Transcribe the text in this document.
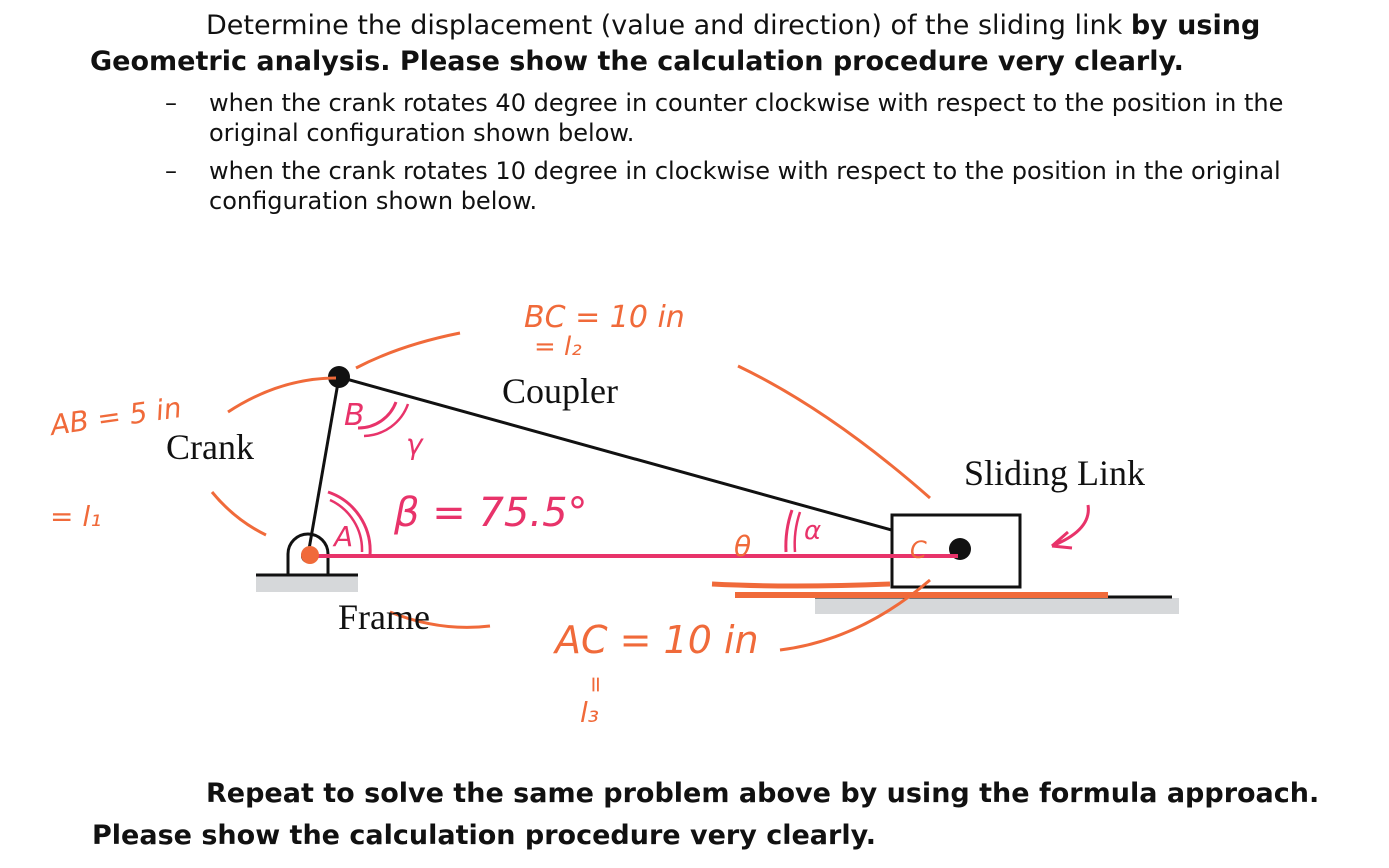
Determine the displacement (value and direction) of the sliding link by using
Geometric analysis. Please show the calculation procedure very clearly.
– when the crank rotates 40 degree in counter clockwise with respect to the position in the
original configuration shown below.
– when the crank rotates 10 degree in clockwise with respect to the position in the original
configuration shown below.
Crank
Coupler
Sliding Link
Frame
AB = 5 in
= l₁
BC = 10 in
= l₂
AC = 10 in
=
l₃
β = 75.5°
γ
α
θ
A
B
C
Repeat to solve the same problem above by using the formula approach.
Please show the calculation procedure very clearly.
